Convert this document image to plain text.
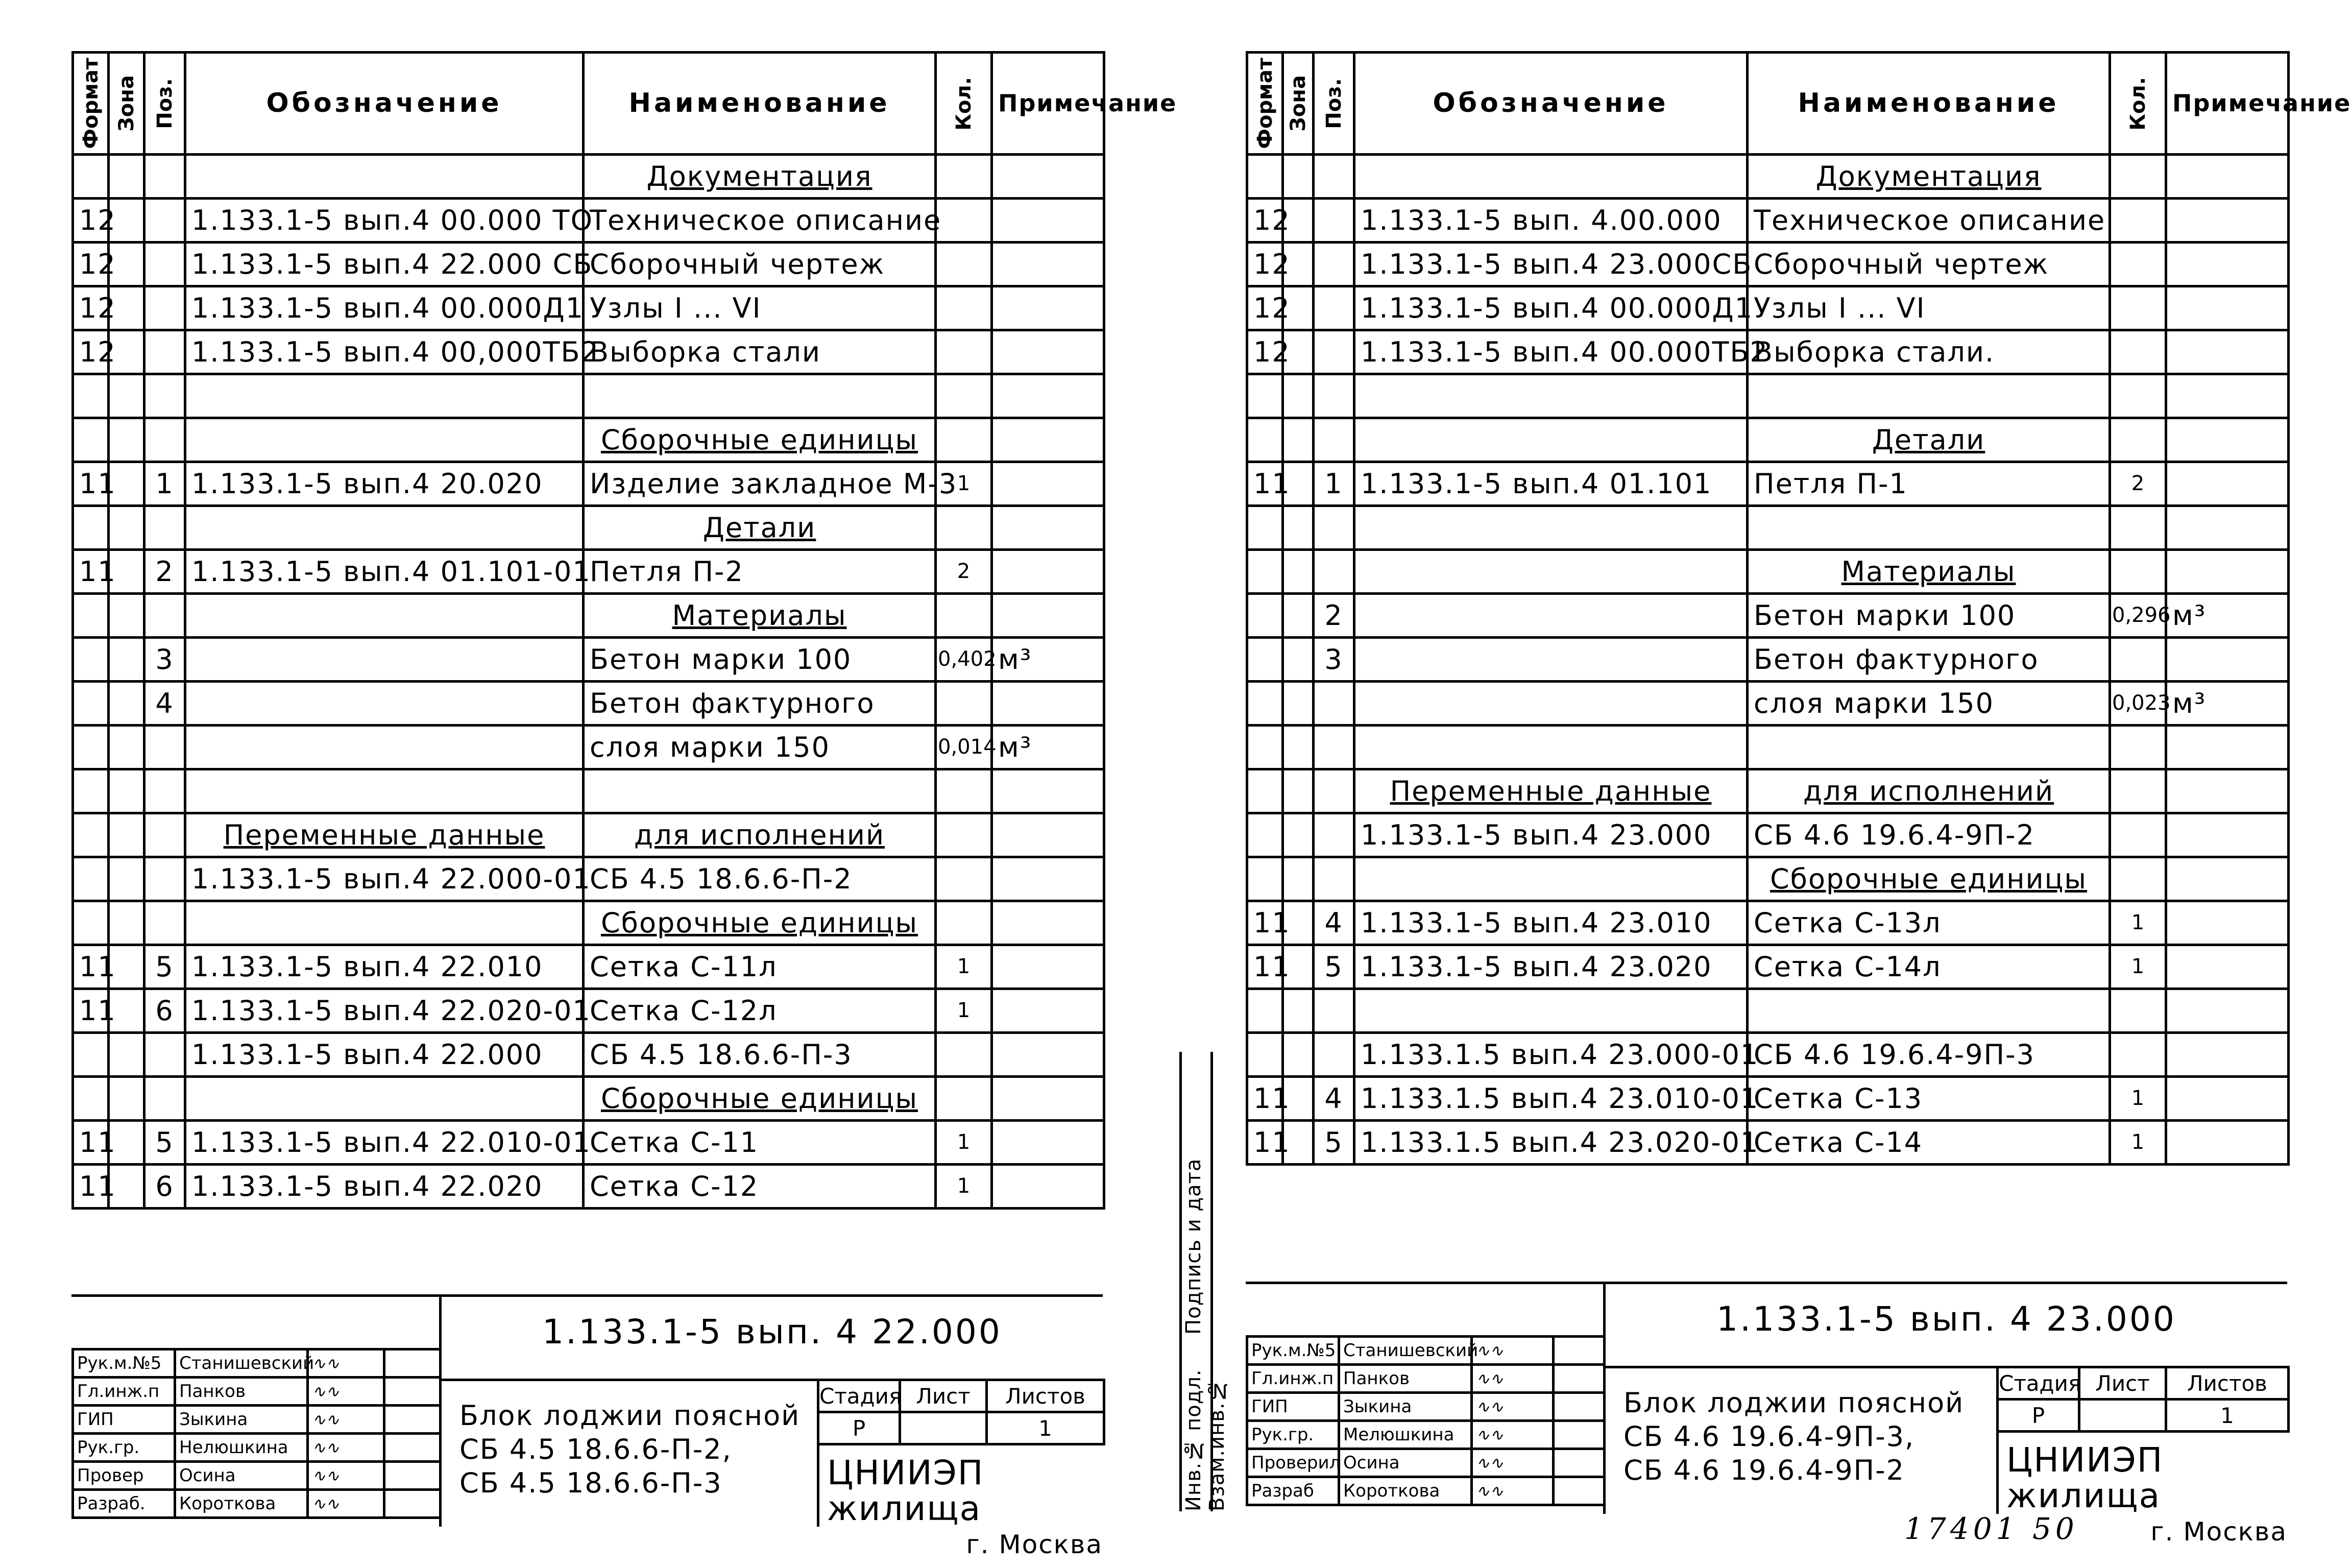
Формат	Зона	Поз.	Обозначение	Наименование	Кол.	Примечание
				Документация		
12			1.133.1-5 вып.4 00.000 ТО	Техническое описание		
12			1.133.1-5 вып.4 22.000 СБ	Сборочный чертеж		
12			1.133.1-5 вып.4 00.000Д1	Узлы I ... VI		
12			1.133.1-5 вып.4 00,000ТБ2	Выборка стали		

				Сборочные единицы		
11		1	1.133.1-5 вып.4 20.020	Изделие закладное М-3	1	
				Детали		
11		2	1.133.1-5 вып.4 01.101-01	Петля П-2	2	
				Материалы		
		3		Бетон марки 100	0,402	м³
		4		Бетон фактурного		
				слоя марки 150	0,014	м³

			Переменные данные	для исполнений		
			1.133.1-5 вып.4 22.000-01	СБ 4.5 18.6.6-П-2		
				Сборочные единицы		
11		5	1.133.1-5 вып.4 22.010	Сетка С-11л	1	
11		6	1.133.1-5 вып.4 22.020-01	Сетка С-12л	1	
			1.133.1-5 вып.4 22.000	СБ 4.5 18.6.6-П-3		
				Сборочные единицы		
11		5	1.133.1-5 вып.4 22.010-01	Сетка С-11	1	
11		6	1.133.1-5 вып.4 22.020	Сетка С-12	1	
Рук.м.№5	Станишевский	∿∿	
Гл.инж.п	Панков	∿∿	
ГИП	Зыкина	∿∿	
Рук.гр.	Нелюшкина	∿∿	
Провер	Осина	∿∿	
Разраб.	Короткова	∿∿	
1.133.1-5 вып. 4 22.000
Блок лоджии поясной
СБ 4.5 18.6.6-П-2,
СБ 4.5 18.6.6-П-3
Стадия	Лист	Листов
Р		1
ЦНИИЭП жилища
г. Москва
Инв.№ подл.  Подпись и дата  Взам.инв.№
Формат	Зона	Поз.	Обозначение	Наименование	Кол.	Примечание
				Документация		
12			1.133.1-5 вып. 4.00.000	Техническое описание		
12			1.133.1-5 вып.4 23.000СБ	Сборочный чертеж		
12			1.133.1-5 вып.4 00.000Д1	Узлы I ... VI		
12			1.133.1-5 вып.4 00.000ТБ2	Выборка стали.		

				Детали		
11		1	1.133.1-5 вып.4 01.101	Петля П-1	2	

				Материалы		
		2		Бетон марки 100	0,296	м³
		3		Бетон фактурного		
				слоя марки 150	0,023	м³

			Переменные данные	для исполнений		
			1.133.1-5 вып.4 23.000	СБ 4.6 19.6.4-9П-2		
				Сборочные единицы		
11		4	1.133.1-5 вып.4 23.010	Сетка С-13л	1	
11		5	1.133.1-5 вып.4 23.020	Сетка С-14л	1	

			1.133.1.5 вып.4 23.000-01	СБ 4.6 19.6.4-9П-3		
11		4	1.133.1.5 вып.4 23.010-01	Сетка С-13	1	
11		5	1.133.1.5 вып.4 23.020-01	Сетка С-14	1	
Рук.м.№5	Станишевский	∿∿	
Гл.инж.п	Панков	∿∿	
ГИП	Зыкина	∿∿	
Рук.гр.	Мелюшкина	∿∿	
Проверил	Осина	∿∿	
Разраб	Короткова	∿∿	
1.133.1-5 вып. 4 23.000
Блок лоджии поясной
СБ 4.6 19.6.4-9П-3,
СБ 4.6 19.6.4-9П-2
Стадия	Лист	Листов
Р		1
ЦНИИЭП жилища
г. Москва
17401 50
